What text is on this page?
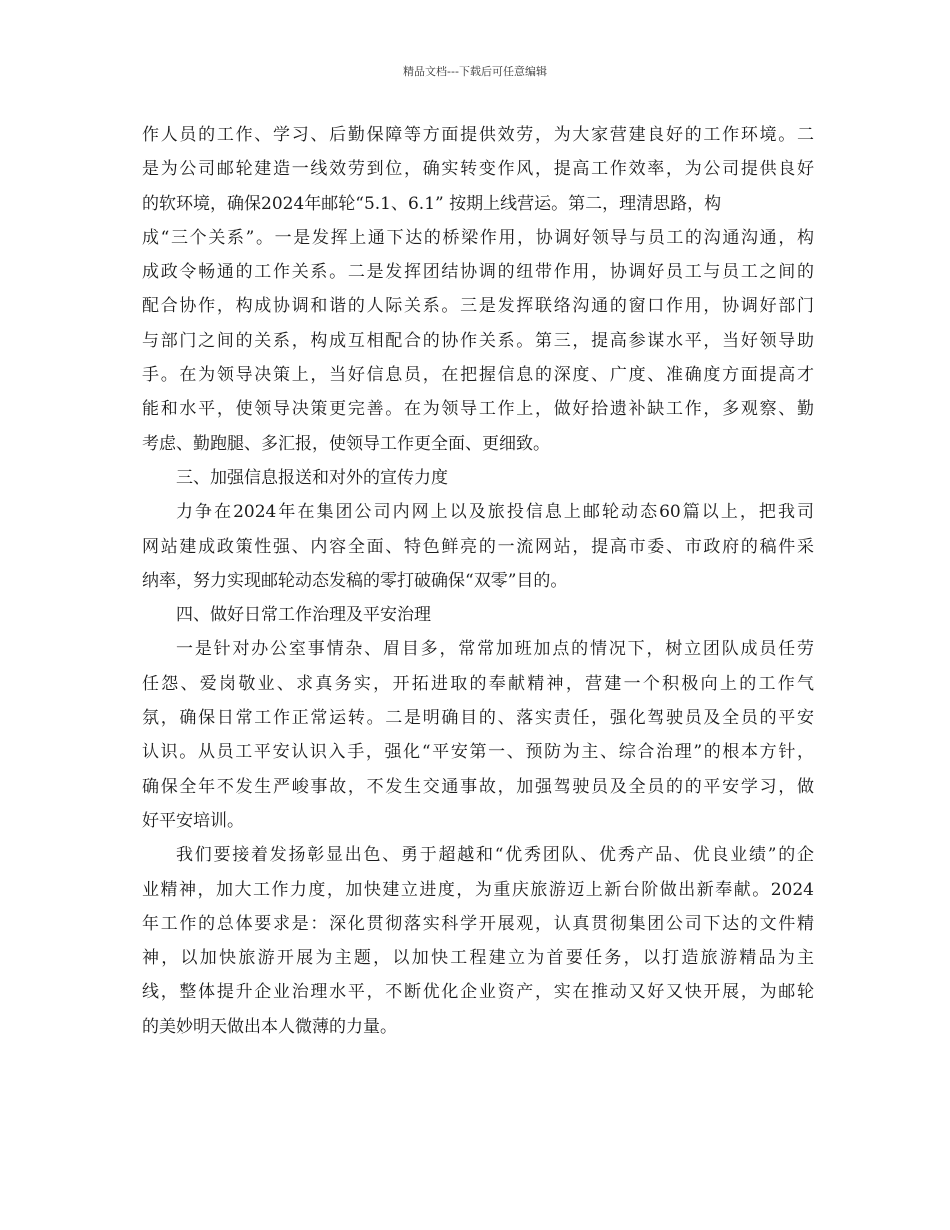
精品文档---下载后可任意编辑
作人员的工作、学习、后勤保障等方面提供效劳，为大家营建良好的工作环境。二
是为公司邮轮建造一线效劳到位，确实转变作风，提高工作效率，为公司提供良好
的软环境，确保2024年邮轮“5.1、6.1” 按期上线营运。第二，理清思路，构
成“三个关系”。一是发挥上通下达的桥梁作用，协调好领导与员工的沟通沟通，构
成政令畅通的工作关系。二是发挥团结协调的纽带作用，协调好员工与员工之间的
配合协作，构成协调和谐的人际关系。三是发挥联络沟通的窗口作用，协调好部门
与部门之间的关系，构成互相配合的协作关系。第三，提高参谋水平，当好领导助
手。在为领导决策上，当好信息员，在把握信息的深度、广度、准确度方面提高才
能和水平，使领导决策更完善。在为领导工作上，做好拾遗补缺工作，多观察、勤
考虑、勤跑腿、多汇报，使领导工作更全面、更细致。
三、加强信息报送和对外的宣传力度
力争在2024年在集团公司内网上以及旅投信息上邮轮动态60篇以上，把我司
网站建成政策性强、内容全面、特色鲜亮的一流网站，提高市委、市政府的稿件采
纳率，努力实现邮轮动态发稿的零打破确保“双零”目的。
四、做好日常工作治理及平安治理
一是针对办公室事情杂、眉目多，常常加班加点的情况下，树立团队成员任劳
任怨、爱岗敬业、求真务实，开拓进取的奉献精神，营建一个积极向上的工作气
氛，确保日常工作正常运转。二是明确目的、落实责任，强化驾驶员及全员的平安
认识。从员工平安认识入手，强化“平安第一、预防为主、综合治理”的根本方针，
确保全年不发生严峻事故，不发生交通事故，加强驾驶员及全员的的平安学习，做
好平安培训。
我们要接着发扬彰显出色、勇于超越和“优秀团队、优秀产品、优良业绩”的企
业精神，加大工作力度，加快建立进度，为重庆旅游迈上新台阶做出新奉献。2024
年工作的总体要求是：深化贯彻落实科学开展观，认真贯彻集团公司下达的文件精
神，以加快旅游开展为主题，以加快工程建立为首要任务，以打造旅游精品为主
线，整体提升企业治理水平，不断优化企业资产，实在推动又好又快开展，为邮轮
的美妙明天做出本人微薄的力量。
